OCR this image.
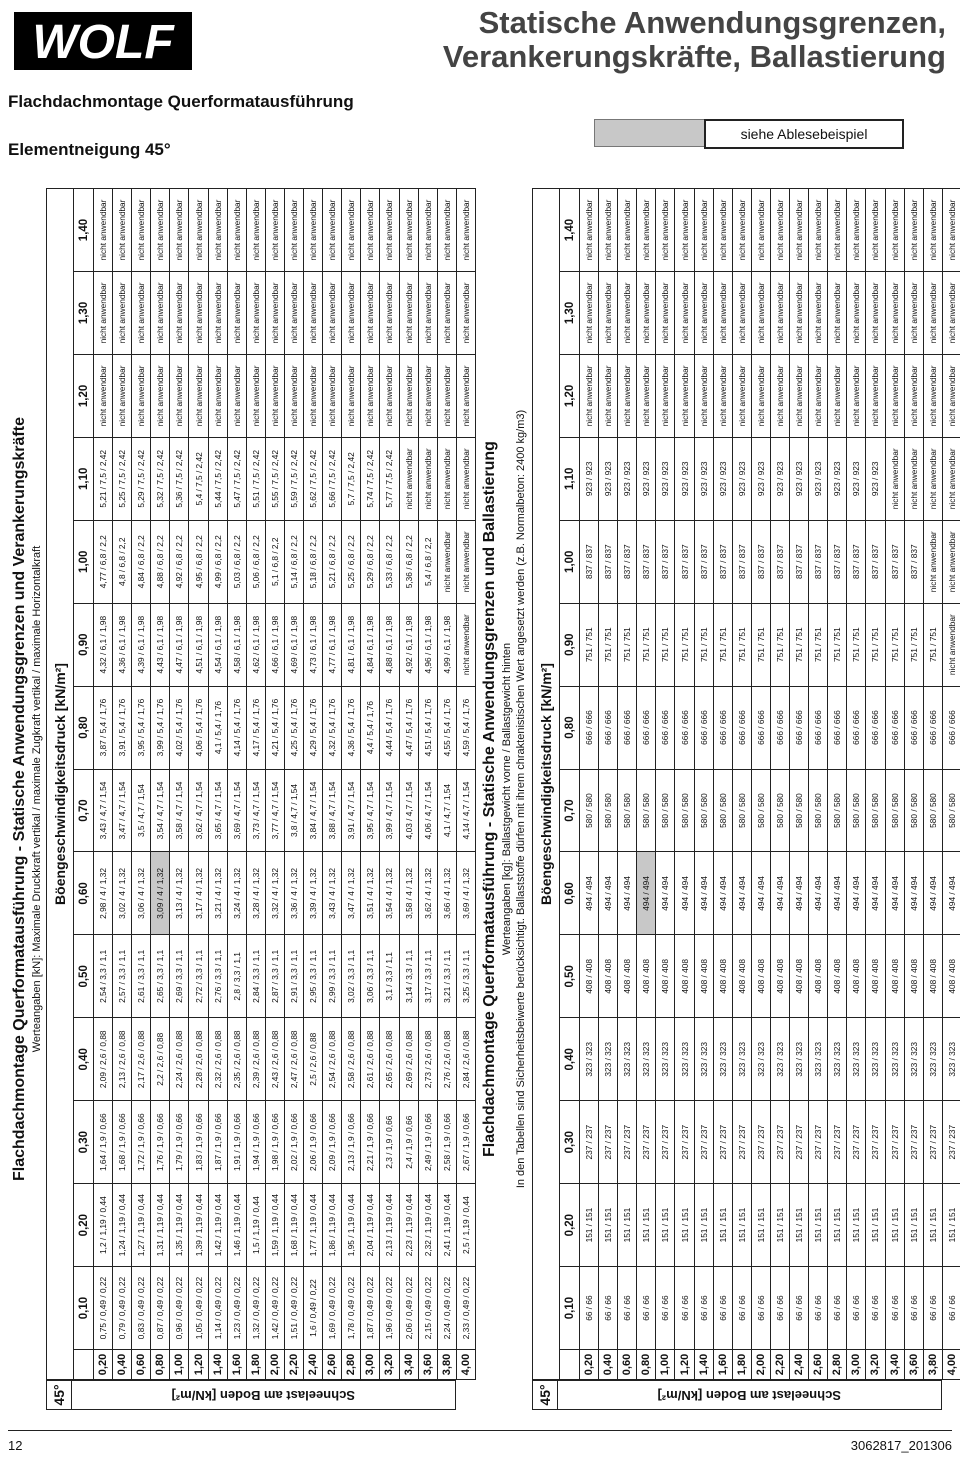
WOLF	Statische Anwendungsgrenzen, Verankerungskräfte, Ballastierung
Flachdachmontage Querformatausführung
Elementneigung 45°
siehe Ablesebeispiel
Flachdachmontage Querformatausführung - Statische Anwendungsgrenzen und Verankerungskräfte Werteangaben [kN]: Maximale Druckkraft vertikal / maximale Zugkraft vertikal / maximale Horizontalkraft
45°	Schneelast am Boden [kN/m²]
Böengeschwindigkeitsdruck [kN/m²]														
	0,10	0,20	0,30	0,40	0,50	0,60	0,70	0,80	0,90	1,00	1,10	1,20	1,30	1,40
0,20	0,75 / 0,49 / 0,22	1,2 / 1,19 / 0,44	1,64 / 1,9 / 0,66	2,09 / 2,6 / 0,88	2,54 / 3,3 / 1,1	2,98 / 4 / 1,32	3,43 / 4,7 / 1,54	3,87 / 5,4 / 1,76	4,32 / 6,1 / 1,98	4,77 / 6,8 / 2,2	5,21 / 7,5 / 2,42	nicht anwendbar	nicht anwendbar	nicht anwendbar
0,40	0,79 / 0,49 / 0,22	1,24 / 1,19 / 0,44	1,68 / 1,9 / 0,66	2,13 / 2,6 / 0,88	2,57 / 3,3 / 1,1	3,02 / 4 / 1,32	3,47 / 4,7 / 1,54	3,91 / 5,4 / 1,76	4,36 / 6,1 / 1,98	4,8 / 6,8 / 2,2	5,25 / 7,5 / 2,42	nicht anwendbar	nicht anwendbar	nicht anwendbar
0,60	0,83 / 0,49 / 0,22	1,27 / 1,19 / 0,44	1,72 / 1,9 / 0,66	2,17 / 2,6 / 0,88	2,61 / 3,3 / 1,1	3,06 / 4 / 1,32	3,5 / 4,7 / 1,54	3,95 / 5,4 / 1,76	4,39 / 6,1 / 1,98	4,84 / 6,8 / 2,2	5,29 / 7,5 / 2,42	nicht anwendbar	nicht anwendbar	nicht anwendbar
0,80	0,87 / 0,49 / 0,22	1,31 / 1,19 / 0,44	1,76 / 1,9 / 0,66	2,2 / 2,6 / 0,88	2,65 / 3,3 / 1,1	3,09 / 4 / 1,32	3,54 / 4,7 / 1,54	3,99 / 5,4 / 1,76	4,43 / 6,1 / 1,98	4,88 / 6,8 / 2,2	5,32 / 7,5 / 2,42	nicht anwendbar	nicht anwendbar	nicht anwendbar
1,00	0,96 / 0,49 / 0,22	1,35 / 1,19 / 0,44	1,79 / 1,9 / 0,66	2,24 / 2,6 / 0,88	2,69 / 3,3 / 1,1	3,13 / 4 / 1,32	3,58 / 4,7 / 1,54	4,02 / 5,4 / 1,76	4,47 / 6,1 / 1,98	4,92 / 6,8 / 2,2	5,36 / 7,5 / 2,42	nicht anwendbar	nicht anwendbar	nicht anwendbar
1,20	1,05 / 0,49 / 0,22	1,39 / 1,19 / 0,44	1,83 / 1,9 / 0,66	2,28 / 2,6 / 0,88	2,72 / 3,3 / 1,1	3,17 / 4 / 1,32	3,62 / 4,7 / 1,54	4,06 / 5,4 / 1,76	4,51 / 6,1 / 1,98	4,95 / 6,8 / 2,2	5,4 / 7,5 / 2,42	nicht anwendbar	nicht anwendbar	nicht anwendbar
1,40	1,14 / 0,49 / 0,22	1,42 / 1,19 / 0,44	1,87 / 1,9 / 0,66	2,32 / 2,6 / 0,88	2,76 / 3,3 / 1,1	3,21 / 4 / 1,32	3,65 / 4,7 / 1,54	4,1 / 5,4 / 1,76	4,54 / 6,1 / 1,98	4,99 / 6,8 / 2,2	5,44 / 7,5 / 2,42	nicht anwendbar	nicht anwendbar	nicht anwendbar
1,60	1,23 / 0,49 / 0,22	1,46 / 1,19 / 0,44	1,91 / 1,9 / 0,66	2,35 / 2,6 / 0,88	2,8 / 3,3 / 1,1	3,24 / 4 / 1,32	3,69 / 4,7 / 1,54	4,14 / 5,4 / 1,76	4,58 / 6,1 / 1,98	5,03 / 6,8 / 2,2	5,47 / 7,5 / 2,42	nicht anwendbar	nicht anwendbar	nicht anwendbar
1,80	1,32 / 0,49 / 0,22	1,5 / 1,19 / 0,44	1,94 / 1,9 / 0,66	2,39 / 2,6 / 0,88	2,84 / 3,3 / 1,1	3,28 / 4 / 1,32	3,73 / 4,7 / 1,54	4,17 / 5,4 / 1,76	4,62 / 6,1 / 1,98	5,06 / 6,8 / 2,2	5,51 / 7,5 / 2,42	nicht anwendbar	nicht anwendbar	nicht anwendbar
2,00	1,42 / 0,49 / 0,22	1,59 / 1,19 / 0,44	1,98 / 1,9 / 0,66	2,43 / 2,6 / 0,88	2,87 / 3,3 / 1,1	3,32 / 4 / 1,32	3,77 / 4,7 / 1,54	4,21 / 5,4 / 1,76	4,66 / 6,1 / 1,98	5,1 / 6,8 / 2,2	5,55 / 7,5 / 2,42	nicht anwendbar	nicht anwendbar	nicht anwendbar
2,20	1,51 / 0,49 / 0,22	1,68 / 1,19 / 0,44	2,02 / 1,9 / 0,66	2,47 / 2,6 / 0,88	2,91 / 3,3 / 1,1	3,36 / 4 / 1,32	3,8 / 4,7 / 1,54	4,25 / 5,4 / 1,76	4,69 / 6,1 / 1,98	5,14 / 6,8 / 2,2	5,59 / 7,5 / 2,42	nicht anwendbar	nicht anwendbar	nicht anwendbar
2,40	1,6 / 0,49 / 0,22	1,77 / 1,19 / 0,44	2,06 / 1,9 / 0,66	2,5 / 2,6 / 0,88	2,95 / 3,3 / 1,1	3,39 / 4 / 1,32	3,84 / 4,7 / 1,54	4,29 / 5,4 / 1,76	4,73 / 6,1 / 1,98	5,18 / 6,8 / 2,2	5,62 / 7,5 / 2,42	nicht anwendbar	nicht anwendbar	nicht anwendbar
2,60	1,69 / 0,49 / 0,22	1,86 / 1,19 / 0,44	2,09 / 1,9 / 0,66	2,54 / 2,6 / 0,88	2,99 / 3,3 / 1,1	3,43 / 4 / 1,32	3,88 / 4,7 / 1,54	4,32 / 5,4 / 1,76	4,77 / 6,1 / 1,98	5,21 / 6,8 / 2,2	5,66 / 7,5 / 2,42	nicht anwendbar	nicht anwendbar	nicht anwendbar
2,80	1,78 / 0,49 / 0,22	1,95 / 1,19 / 0,44	2,13 / 1,9 / 0,66	2,58 / 2,6 / 0,88	3,02 / 3,3 / 1,1	3,47 / 4 / 1,32	3,91 / 4,7 / 1,54	4,36 / 5,4 / 1,76	4,81 / 6,1 / 1,98	5,25 / 6,8 / 2,2	5,7 / 7,5 / 2,42	nicht anwendbar	nicht anwendbar	nicht anwendbar
3,00	1,87 / 0,49 / 0,22	2,04 / 1,19 / 0,44	2,21 / 1,9 / 0,66	2,61 / 2,6 / 0,88	3,06 / 3,3 / 1,1	3,51 / 4 / 1,32	3,95 / 4,7 / 1,54	4,4 / 5,4 / 1,76	4,84 / 6,1 / 1,98	5,29 / 6,8 / 2,2	5,74 / 7,5 / 2,42	nicht anwendbar	nicht anwendbar	nicht anwendbar
3,20	1,96 / 0,49 / 0,22	2,13 / 1,19 / 0,44	2,3 / 1,9 / 0,66	2,65 / 2,6 / 0,88	3,1 / 3,3 / 1,1	3,54 / 4 / 1,32	3,99 / 4,7 / 1,54	4,44 / 5,4 / 1,76	4,88 / 6,1 / 1,98	5,33 / 6,8 / 2,2	5,77 / 7,5 / 2,42	nicht anwendbar	nicht anwendbar	nicht anwendbar
3,40	2,06 / 0,49 / 0,22	2,23 / 1,19 / 0,44	2,4 / 1,9 / 0,66	2,69 / 2,6 / 0,88	3,14 / 3,3 / 1,1	3,58 / 4 / 1,32	4,03 / 4,7 / 1,54	4,47 / 5,4 / 1,76	4,92 / 6,1 / 1,98	5,36 / 6,8 / 2,2	nicht anwendbar	nicht anwendbar	nicht anwendbar	nicht anwendbar
3,60	2,15 / 0,49 / 0,22	2,32 / 1,19 / 0,44	2,49 / 1,9 / 0,66	2,73 / 2,6 / 0,88	3,17 / 3,3 / 1,1	3,62 / 4 / 1,32	4,06 / 4,7 / 1,54	4,51 / 5,4 / 1,76	4,96 / 6,1 / 1,98	5,4 / 6,8 / 2,2	nicht anwendbar	nicht anwendbar	nicht anwendbar	nicht anwendbar
3,80	2,24 / 0,49 / 0,22	2,41 / 1,19 / 0,44	2,58 / 1,9 / 0,66	2,76 / 2,6 / 0,88	3,21 / 3,3 / 1,1	3,66 / 4 / 1,32	4,1 / 4,7 / 1,54	4,55 / 5,4 / 1,76	4,99 / 6,1 / 1,98	nicht anwendbar	nicht anwendbar	nicht anwendbar	nicht anwendbar	nicht anwendbar
4,00	2,33 / 0,49 / 0,22	2,5 / 1,19 / 0,44	2,67 / 1,9 / 0,66	2,84 / 2,6 / 0,88	3,25 / 3,3 / 1,1	3,69 / 4 / 1,32	4,14 / 4,7 / 1,54	4,59 / 5,4 / 1,76	nicht anwendbar	nicht anwendbar	nicht anwendbar	nicht anwendbar	nicht anwendbar	nicht anwendbar
Flachdachmontage Querformatausführung - Statische Anwendungsgrenzen und Ballastierung Werteangaben [kg]: Ballastgewicht vorne / Ballastgewicht hinten In den Tabellen sind Sicherheitsbeiwerte berücksichtigt. Ballaststoffe dürfen mit ihrem chraktenistischen Wert angesetzt werden (z.B. Normalbeton: 2400 kg/m3)
45°	Schneelast am Boden [kN/m²]
Böengeschwindigkeitsdruck [kN/m²]														
	0,10	0,20	0,30	0,40	0,50	0,60	0,70	0,80	0,90	1,00	1,10	1,20	1,30	1,40
0,20	66 / 66	151 / 151	237 / 237	323 / 323	408 / 408	494 / 494	580 / 580	666 / 666	751 / 751	837 / 837	923 / 923	nicht anwendbar	nicht anwendbar	nicht anwendbar
0,40	66 / 66	151 / 151	237 / 237	323 / 323	408 / 408	494 / 494	580 / 580	666 / 666	751 / 751	837 / 837	923 / 923	nicht anwendbar	nicht anwendbar	nicht anwendbar
0,60	66 / 66	151 / 151	237 / 237	323 / 323	408 / 408	494 / 494	580 / 580	666 / 666	751 / 751	837 / 837	923 / 923	nicht anwendbar	nicht anwendbar	nicht anwendbar
0,80	66 / 66	151 / 151	237 / 237	323 / 323	408 / 408	494 / 494	580 / 580	666 / 666	751 / 751	837 / 837	923 / 923	nicht anwendbar	nicht anwendbar	nicht anwendbar
1,00	66 / 66	151 / 151	237 / 237	323 / 323	408 / 408	494 / 494	580 / 580	666 / 666	751 / 751	837 / 837	923 / 923	nicht anwendbar	nicht anwendbar	nicht anwendbar
1,20	66 / 66	151 / 151	237 / 237	323 / 323	408 / 408	494 / 494	580 / 580	666 / 666	751 / 751	837 / 837	923 / 923	nicht anwendbar	nicht anwendbar	nicht anwendbar
1,40	66 / 66	151 / 151	237 / 237	323 / 323	408 / 408	494 / 494	580 / 580	666 / 666	751 / 751	837 / 837	923 / 923	nicht anwendbar	nicht anwendbar	nicht anwendbar
1,60	66 / 66	151 / 151	237 / 237	323 / 323	408 / 408	494 / 494	580 / 580	666 / 666	751 / 751	837 / 837	923 / 923	nicht anwendbar	nicht anwendbar	nicht anwendbar
1,80	66 / 66	151 / 151	237 / 237	323 / 323	408 / 408	494 / 494	580 / 580	666 / 666	751 / 751	837 / 837	923 / 923	nicht anwendbar	nicht anwendbar	nicht anwendbar
2,00	66 / 66	151 / 151	237 / 237	323 / 323	408 / 408	494 / 494	580 / 580	666 / 666	751 / 751	837 / 837	923 / 923	nicht anwendbar	nicht anwendbar	nicht anwendbar
2,20	66 / 66	151 / 151	237 / 237	323 / 323	408 / 408	494 / 494	580 / 580	666 / 666	751 / 751	837 / 837	923 / 923	nicht anwendbar	nicht anwendbar	nicht anwendbar
2,40	66 / 66	151 / 151	237 / 237	323 / 323	408 / 408	494 / 494	580 / 580	666 / 666	751 / 751	837 / 837	923 / 923	nicht anwendbar	nicht anwendbar	nicht anwendbar
2,60	66 / 66	151 / 151	237 / 237	323 / 323	408 / 408	494 / 494	580 / 580	666 / 666	751 / 751	837 / 837	923 / 923	nicht anwendbar	nicht anwendbar	nicht anwendbar
2,80	66 / 66	151 / 151	237 / 237	323 / 323	408 / 408	494 / 494	580 / 580	666 / 666	751 / 751	837 / 837	923 / 923	nicht anwendbar	nicht anwendbar	nicht anwendbar
3,00	66 / 66	151 / 151	237 / 237	323 / 323	408 / 408	494 / 494	580 / 580	666 / 666	751 / 751	837 / 837	923 / 923	nicht anwendbar	nicht anwendbar	nicht anwendbar
3,20	66 / 66	151 / 151	237 / 237	323 / 323	408 / 408	494 / 494	580 / 580	666 / 666	751 / 751	837 / 837	923 / 923	nicht anwendbar	nicht anwendbar	nicht anwendbar
3,40	66 / 66	151 / 151	237 / 237	323 / 323	408 / 408	494 / 494	580 / 580	666 / 666	751 / 751	837 / 837	nicht anwendbar	nicht anwendbar	nicht anwendbar	nicht anwendbar
3,60	66 / 66	151 / 151	237 / 237	323 / 323	408 / 408	494 / 494	580 / 580	666 / 666	751 / 751	837 / 837	nicht anwendbar	nicht anwendbar	nicht anwendbar	nicht anwendbar
3,80	66 / 66	151 / 151	237 / 237	323 / 323	408 / 408	494 / 494	580 / 580	666 / 666	751 / 751	nicht anwendbar	nicht anwendbar	nicht anwendbar	nicht anwendbar	nicht anwendbar
4,00	66 / 66	151 / 151	237 / 237	323 / 323	408 / 408	494 / 494	580 / 580	666 / 666	nicht anwendbar	nicht anwendbar	nicht anwendbar	nicht anwendbar	nicht anwendbar	nicht anwendbar
12	3062817_201306
